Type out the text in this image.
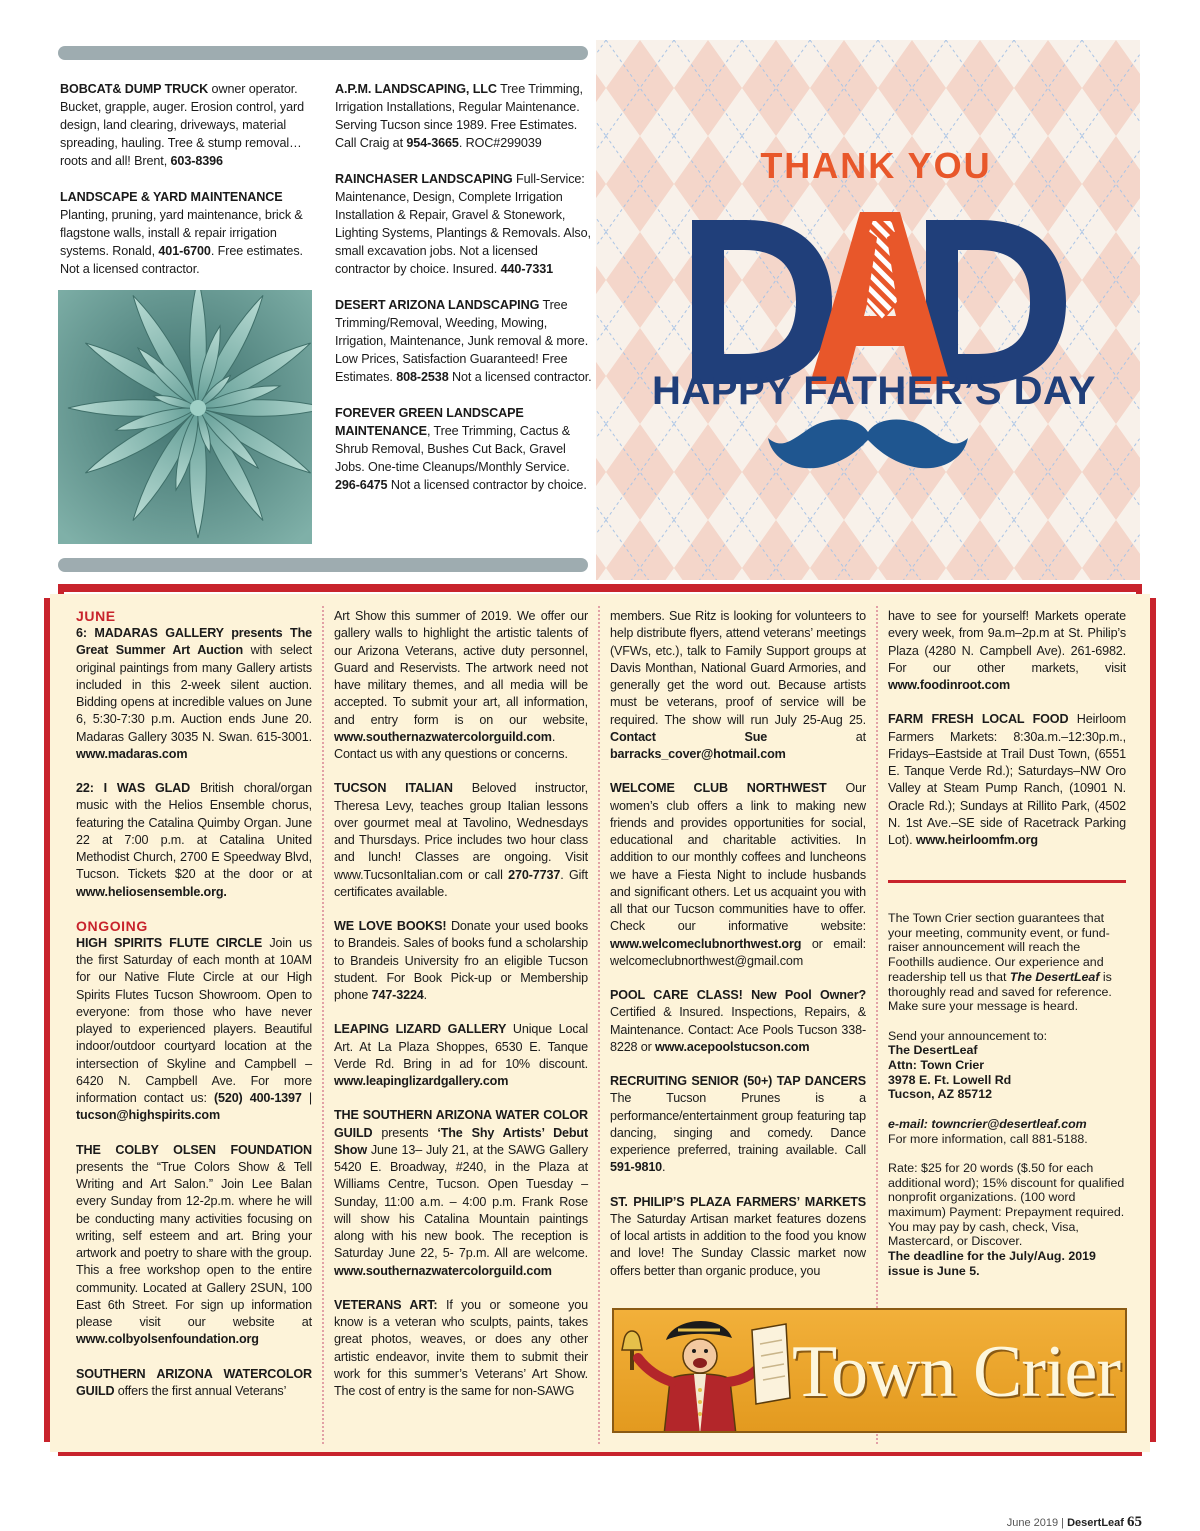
BOBCAT& DUMP TRUCK owner operator. Bucket, grapple, auger. Erosion control, yard design, land clearing, driveways, material spreading, hauling. Tree & stump removal… roots and all! Brent, 603-8396
LANDSCAPE & YARD MAINTENANCE Planting, pruning, yard maintenance, brick & flagstone walls, install & repair irrigation systems. Ronald, 401-6700. Free estimates. Not a licensed contractor.
A.P.M. LANDSCAPING, LLC Tree Trimming, Irrigation Installations, Regular Maintenance. Serving Tucson since 1989. Free Estimates. Call Craig at 954-3665. ROC#299039
RAINCHASER LANDSCAPING Full-Service: Maintenance, Design, Complete Irrigation Installation & Repair, Gravel & Stonework, Lighting Systems, Plantings & Removals. Also, small excavation jobs. Not a licensed contractor by choice. Insured. 440-7331
DESERT ARIZONA LANDSCAPING Tree Trimming/Removal, Weeding, Mowing, Irrigation, Maintenance, Junk removal & more. Low Prices, Satisfaction Guaranteed! Free Estimates. 808-2538 Not a licensed contractor.
FOREVER GREEN LANDSCAPE MAINTENANCE, Tree Trimming, Cactus & Shrub Removal, Bushes Cut Back, Gravel Jobs. One-time Cleanups/Monthly Service. 296-6475 Not a licensed contractor by choice.
THANK YOU
HAPPY FATHER’S DAY
JUNE

6: MADARAS GALLERY presents The Great Summer Art Auction with select original paintings from many Gallery artists included in this 2-week silent auction. Bidding opens at incredible values on June 6, 5:30-7:30 p.m. Auction ends June 20. Madaras Gallery 3035 N. Swan. 615-3001. www.madaras.com

22: I WAS GLAD British choral/organ music with the Helios Ensemble chorus, featuring the Catalina Quimby Organ. June 22 at 7:00 p.m. at Catalina United Methodist Church, 2700 E Speedway Blvd, Tucson. Tickets $20 at the door or at www.heliosensemble.org.

ONGOING

HIGH SPIRITS FLUTE CIRCLE Join us the first Saturday of each month at 10AM for our Native Flute Circle at our High Spirits Flutes Tucson Showroom. Open to everyone: from those who have never played to experienced players. Beautiful indoor/outdoor courtyard location at the intersection of Skyline and Campbell – 6420 N. Campbell Ave. For more information contact us: (520) 400-1397 | tucson@highspirits.com

THE COLBY OLSEN FOUNDATION presents the “True Colors Show & Tell Writing and Art Salon.” Join Lee Balan every Sunday from 12-2p.m. where he will be conducting many activities focusing on writing, self esteem and art. Bring your artwork and poetry to share with the group. This a free workshop open to the entire community. Located at Gallery 2SUN, 100 East 6th Street. For sign up information please visit our website at www.colbyolsenfoundation.org

SOUTHERN ARIZONA WATERCOLOR GUILD offers the first annual Veterans’

Art Show this summer of 2019. We offer our gallery walls to highlight the artistic talents of our Arizona Veterans, active duty personnel, Guard and Reservists. The artwork need not have military themes, and all media will be accepted. To submit your art, all information, and entry form is on our website, www.southernazwatercolorguild.com. Contact us with any questions or concerns.

TUCSON ITALIAN Beloved instructor, Theresa Levy, teaches group Italian lessons over gourmet meal at Tavolino, Wednesdays and Thursdays. Price includes two hour class and lunch! Classes are ongoing. Visit www.TucsonItalian.com or call 270-7737. Gift certificates available.

WE LOVE BOOKS! Donate your used books to Brandeis. Sales of books fund a scholarship to Brandeis University fro an eligible Tucson student. For Book Pick-up or Membership phone 747-3224.

LEAPING LIZARD GALLERY Unique Local Art. At La Plaza Shoppes, 6530 E. Tanque Verde Rd. Bring in ad for 10% discount. www.leapinglizardgallery.com

THE SOUTHERN ARIZONA WATER COLOR GUILD presents ‘The Shy Artists’ Debut Show June 13– July 21, at the SAWG Gallery 5420 E. Broadway, #240, in the Plaza at Williams Centre, Tucson. Open Tuesday – Sunday, 11:00 a.m. – 4:00 p.m. Frank Rose will show his Catalina Mountain paintings along with his new book. The reception is Saturday June 22, 5- 7p.m. All are welcome. www.southernazwatercolorguild.com

VETERANS ART: If you or someone you know is a veteran who sculpts, paints, takes great photos, weaves, or does any other artistic endeavor, invite them to submit their work for this summer’s Veterans’ Art Show. The cost of entry is the same for non-SAWG

members. Sue Ritz is looking for volunteers to help distribute flyers, attend veterans’ meetings (VFWs, etc.), talk to Family Support groups at Davis Monthan, National Guard Armories, and generally get the word out. Because artists must be veterans, proof of service will be required. The show will run July 25-Aug 25. Contact Sue at barracks_cover@hotmail.com

WELCOME CLUB NORTHWEST Our women’s club offers a link to making new friends and provides opportunities for social, educational and charitable activities. In addition to our monthly coffees and luncheons we have a Fiesta Night to include husbands and significant others. Let us acquaint you with all that our Tucson communities have to offer. Check our informative website: www.welcomeclubnorthwest.org or email: welcomeclubnorthwest@gmail.com

POOL CARE CLASS! New Pool Owner? Certified & Insured. Inspections, Repairs, & Maintenance. Contact: Ace Pools Tucson 338-8228 or www.acepoolstucson.com

RECRUITING SENIOR (50+) TAP DANCERS The Tucson Prunes is a performance/entertainment group featuring tap dancing, singing and comedy. Dance experience preferred, training available. Call 591-9810.

ST. PHILIP’S PLAZA FARMERS’ MARKETS The Saturday Artisan market features dozens of local artists in addition to the food you know and love! The Sunday Classic market now offers better than organic produce, you

have to see for yourself! Markets operate every week, from 9a.m–2p.m at St. Philip’s Plaza (4280 N. Campbell Ave). 261-6982. For our other markets, visit www.foodinroot.com

FARM FRESH LOCAL FOOD Heirloom Farmers Markets: 8:30a.m.–12:30p.m., Fridays–Eastside at Trail Dust Town, (6551 E. Tanque Verde Rd.); Saturdays–NW Oro Valley at Steam Pump Ranch, (10901 N. Oracle Rd.); Sundays at Rillito Park, (4502 N. 1st Ave.–SE side of Racetrack Parking Lot). www.heirloomfm.org

The Town Crier section guarantees that your meeting, community event, or fund-raiser announcement will reach the Foothills audience. Our experience and readership tell us that The DesertLeaf is thoroughly read and saved for reference. Make sure your message is heard.

Send your announcement to:
The DesertLeaf
Attn: Town Crier
3978 E. Ft. Lowell Rd
Tucson, AZ 85712

e-mail: towncrier@desertleaf.com
For more information, call 881-5188.

Rate: $25 for 20 words ($.50 for each additional word); 15% discount for qualified nonprofit organizations. (100 word maximum) Payment: Prepayment required. You may pay by cash, check, Visa, Mastercard, or Discover.
The deadline for the July/Aug. 2019 issue is June 5.

Town Crier
June 2019 | DesertLeaf 65
